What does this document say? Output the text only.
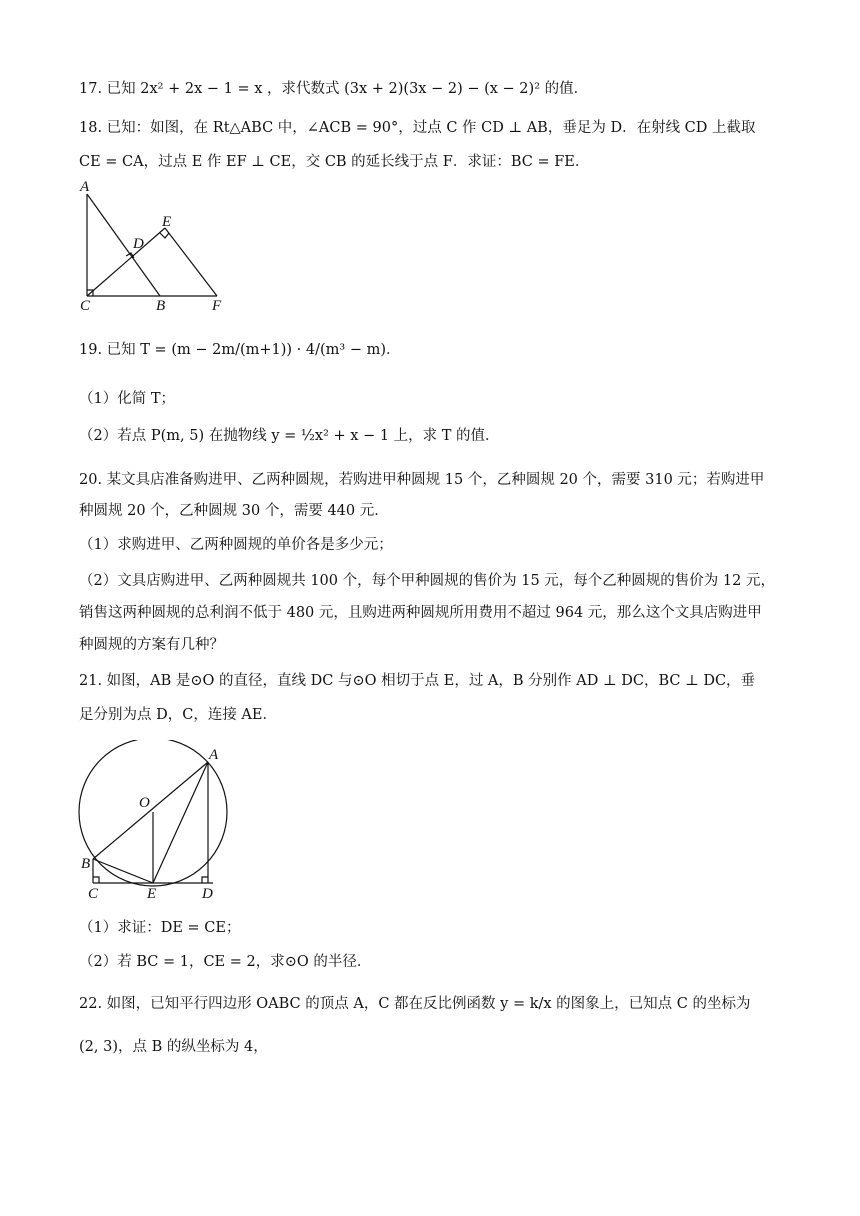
17. 已知 2x² + 2x − 1 = x ，求代数式 (3x + 2)(3x − 2) − (x − 2)² 的值．
18. 已知：如图，在 Rt△ABC 中，∠ACB = 90°，过点 C 作 CD ⊥ AB，垂足为 D．在射线 CD 上截取
CE = CA，过点 E 作 EF ⊥ CE，交 CB 的延长线于点 F．求证：BC = FE．
A
D
E
C	B	F
19. 已知 T = (m − 2m/(m+1)) · 4/(m³ − m)．
（1）化简 T；
（2）若点 P(m, 5) 在抛物线 y = ½x² + x − 1 上，求 T 的值．
20. 某文具店准备购进甲、乙两种圆规，若购进甲种圆规 15 个，乙种圆规 20 个，需要 310 元；若购进甲
种圆规 20 个，乙种圆规 30 个，需要 440 元．
（1）求购进甲、乙两种圆规的单价各是多少元；
（2）文具店购进甲、乙两种圆规共 100 个，每个甲种圆规的售价为 15 元，每个乙种圆规的售价为 12 元，
销售这两种圆规的总利润不低于 480 元，且购进两种圆规所用费用不超过 964 元，那么这个文具店购进甲
种圆规的方案有几种？
21. 如图，AB 是⊙O 的直径，直线 DC 与⊙O 相切于点 E，过 A，B 分别作 AD ⊥ DC，BC ⊥ DC，垂
足分别为点 D，C，连接 AE．
A
O
B
C	E	D
（1）求证：DE = CE；
（2）若 BC = 1，CE = 2，求⊙O 的半径．
22. 如图，已知平行四边形 OABC 的顶点 A，C 都在反比例函数 y = k/x 的图象上，已知点 C 的坐标为
(2, 3)，点 B 的纵坐标为 4，
